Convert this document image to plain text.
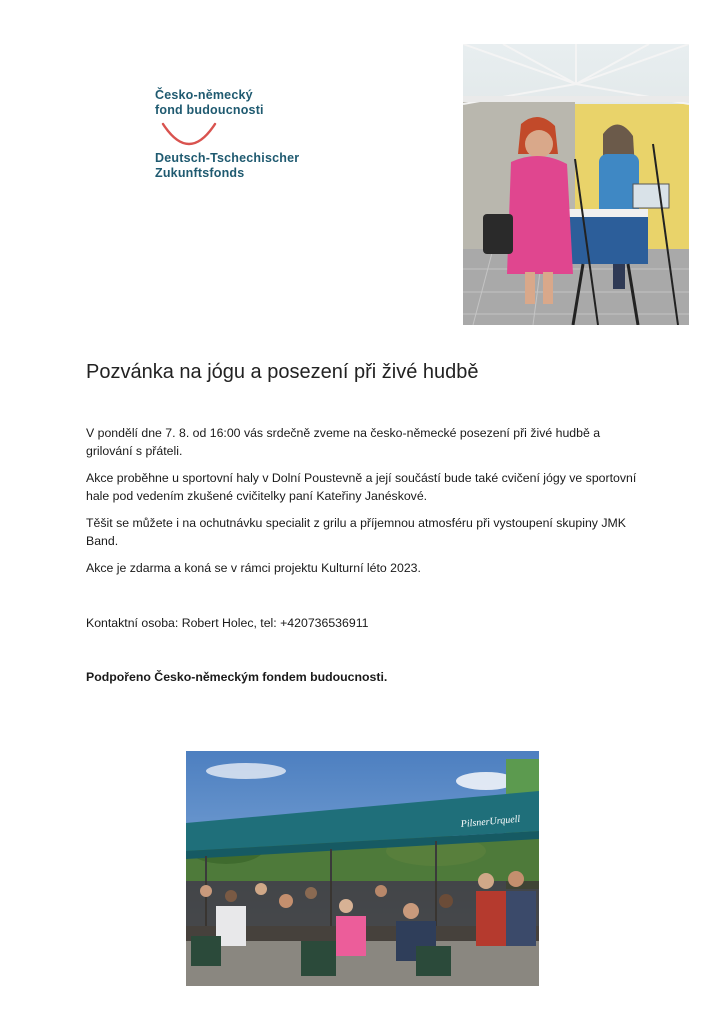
Česko-německý
fond budoucnosti
Deutsch-Tschechischer
Zukunftsfonds
Pozvánka na jógu a posezení při živé hudbě

V pondělí dne 7. 8. od 16:00 vás srdečně zveme na česko-německé posezení při živé hudbě a grilování s přáteli.

Akce proběhne u sportovní haly v Dolní Poustevně a její součástí bude také cvičení jógy ve sportovní hale pod vedením zkušené cvičitelky paní Kateřiny Janéskové.

Těšit se můžete i na ochutnávku specialit z grilu a příjemnou atmosféru při vystoupení skupiny JMK Band.

Akce je zdarma a koná se v rámci projektu Kulturní léto 2023.

Kontaktní osoba: Robert Holec, tel: +420736536911

Podpořeno Česko-německým fondem budoucnosti.

PilsnerUrquell
